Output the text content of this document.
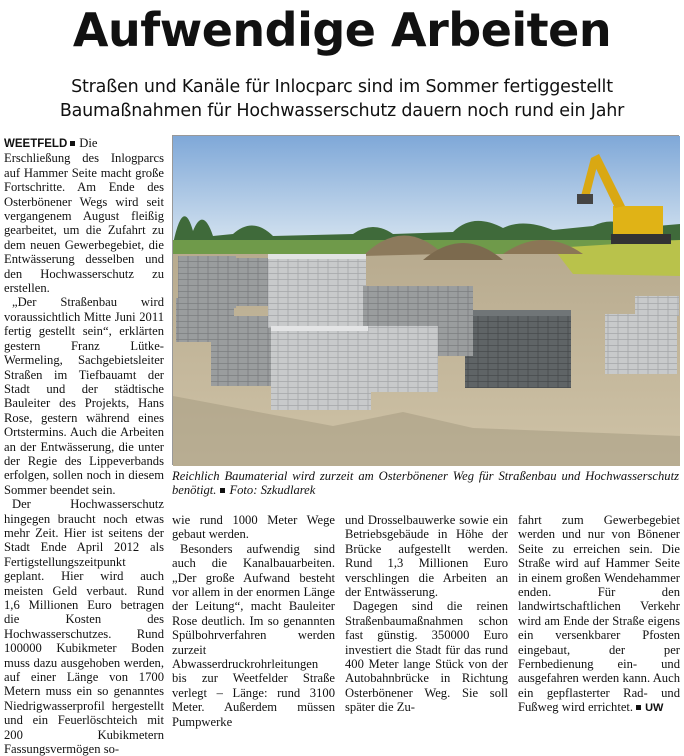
Aufwendige Arbeiten

Straßen und Kanäle für Inlocparc sind im Sommer fertiggestellt

Baumaßnahmen für Hochwasserschutz dauern noch rund ein Jahr

WEETFELD Die Erschließung des Inlogparcs auf Hammer Seite macht große Fortschritte. Am Ende des Osterbönener Wegs wird seit vergangenem August fleißig gearbeitet, um die Zufahrt zu dem neuen Gewerbegebiet, die Entwässerung desselben und den Hochwasserschutz zu erstellen.

„Der Straßenbau wird voraussichtlich Mitte Juni 2011 fertig gestellt sein“, erklärten gestern Franz Lütke-Wermeling, Sachgebietsleiter Straßen im Tiefbauamt der Stadt und der städtische Bauleiter des Projekts, Hans Rose, gestern während eines Ortstermins. Auch die Arbeiten an der Entwässerung, die unter der Regie des Lippeverbands erfolgen, sollen noch in diesem Sommer beendet sein.

Der Hochwasserschutz hingegen braucht noch etwas mehr Zeit. Hier ist seitens der Stadt Ende April 2012 als Fertigstellungszeitpunkt geplant. Hier wird auch meisten Geld verbaut. Rund 1,6 Millionen Euro betragen die Kosten des Hochwasserschutzes. Rund 100000 Kubikmeter Boden muss dazu ausgehoben werden, auf einer Länge von 1700 Metern muss ein so genanntes Niedrigwasserprofil hergestellt und ein Feuerlöschteich mit 200 Kubikmetern Fassungsvermögen so-

Reichlich Baumaterial wird zurzeit am Osterbönener Weg für Straßenbau und Hochwasserschutz benötigt. Foto: Szkudlarek

wie rund 1000 Meter Wege gebaut werden.

Besonders aufwendig sind auch die Kanalbauarbeiten. „Der große Aufwand besteht vor allem in der enormen Länge der Leitung“, macht Bauleiter Rose deutlich. Im so genannten Spülbohrverfahren werden zurzeit Abwasserdruckrohrleitungen bis zur Weetfelder Straße verlegt – Länge: rund 3100 Meter. Außerdem müssen Pumpwerke

und Drosselbauwerke sowie ein Betriebsgebäude in Höhe der Brücke aufgestellt werden. Rund 1,3 Millionen Euro verschlingen die Arbeiten an der Entwässerung.

Dagegen sind die reinen Straßenbaumaßnahmen schon fast günstig. 350000 Euro investiert die Stadt für das rund 400 Meter lange Stück von der Autobahnbrücke in Richtung Osterbönener Weg. Sie soll später die Zu-

fahrt zum Gewerbegebiet werden und nur von Bönener Seite zu erreichen sein. Die Straße wird auf Hammer Seite in einem großen Wendehammer enden. Für den landwirtschaftlichen Verkehr wird am Ende der Straße eigens ein versenkbarer Pfosten eingebaut, der per Fernbedienung ein- und ausgefahren werden kann. Auch ein gepflasterter Rad- und Fußweg wird errichtet. UW
